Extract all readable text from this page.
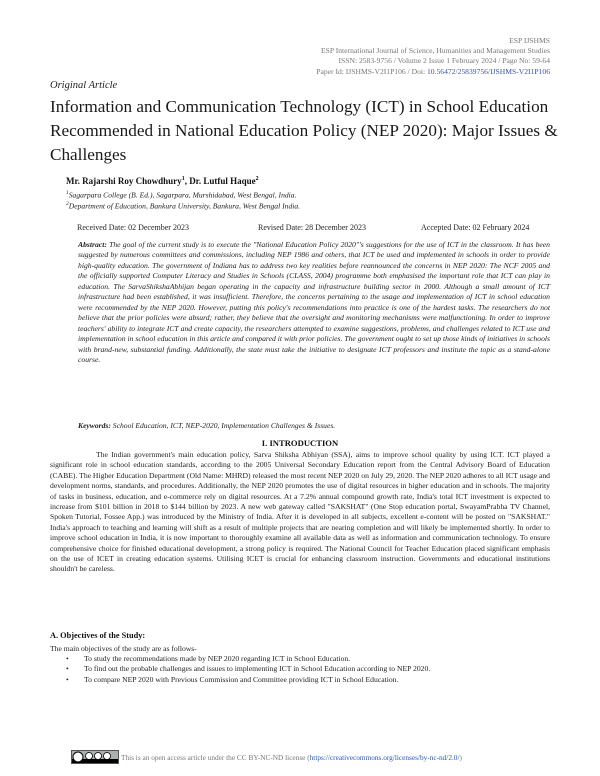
ESP IJSHMS
ESP International Journal of Science, Humanities and Management Studies
ISSN: 2583-9756 / Volume 2 Issue 1 February 2024 / Page No: 59-64
Paper Id: IJSHMS-V2I1P106 / Doi: 10.56472/25839756/IJSHMS-V2I1P106
Original Article
Information and Communication Technology (ICT) in School Education Recommended in National Education Policy (NEP 2020): Major Issues & Challenges
Mr. Rajarshi Roy Chowdhury$^1$, Dr. Lutful Haque$^2$
$^1$Sagarpara College (B. Ed.), Sagarpara, Murshidabad, West Bengal, India.
$^2$Department of Education, Bankura University, Bankura, West Bengal India.
Received Date: 02 December 2023	Revised Date: 28 December 2023	Accepted Date: 02 February 2024
Abstract: The goal of the current study is to execute the "National Education Policy 2020"'s suggestions for the use of ICT in the classroom. It has been suggested by numerous committees and commissions, including NEP 1986 and others, that ICT be used and implemented in schools in order to provide high-quality education. The government of Indiana has to address two key realities before reannounced the concerns in NEP 2020: The NCF 2005 and the officially supported Computer Literacy and Studies in Schools (CLASS, 2004) programme both emphasised the important role that ICT can play in education. The SarvaShikshaAbhijan began operating in the capacity and infrastructure building sector in 2000. Although a small amount of ICT infrastructure had been established, it was insufficient. Therefore, the concerns pertaining to the usage and implementation of ICT in school education were recommended by the NEP 2020. However, putting this policy's recommendations into practice is one of the hardest tasks. The researchers do not believe that the prior policies were absurd; rather, they believe that the oversight and monitoring mechanisms were malfunctioning. In order to improve teachers' ability to integrate ICT and create capacity, the researchers attempted to examine suggestions, problems, and challenges related to ICT use and implementation in school education in this article and compared it with prior policies. The government ought to set up those kinds of initiatives in schools with brand-new, substantial funding. Additionally, the state must take the initiative to designate ICT professors and institute the topic as a stand-alone course.
Keywords: School Education, ICT, NEP-2020, Implementation Challenges & Issues.
I. INTRODUCTION
The Indian government's main education policy, Sarva Shiksha Abhiyan (SSA), aims to improve school quality by using ICT. ICT played a significant role in school education standards, according to the 2005 Universal Secondary Education report from the Central Advisory Board of Education (CABE). The Higher Education Department (Old Name: MHRD) released the most recent NEP 2020 on July 29, 2020. The NEP 2020 adheres to all ICT usage and development norms, standards, and procedures. Additionally, the NEP 2020 promotes the use of digital resources in higher education and in schools. The majority of tasks in business, education, and e-commerce rely on digital resources. At a 7.2% annual compound growth rate, India's total ICT investment is expected to increase from $101 billion in 2018 to $144 billion by 2023. A new web gateway called "SAKSHAT" (One Stop education portal, SwayamPrabha TV Channel, Spoken Tutorial, Fossee App.) was introduced by the Ministry of India. After it is developed in all subjects, excellent e-content will be posted on "SAKSHAT." India's approach to teaching and learning will shift as a result of multiple projects that are nearing completion and will likely be implemented shortly. In order to improve school education in India, it is now important to thoroughly examine all available data as well as information and communication technology. To ensure comprehensive choice for finished educational development, a strong policy is required. The National Council for Teacher Education placed significant emphasis on the use of ICET in creating education systems. Utilising ICET is crucial for enhancing classroom instruction. Governments and educational institutions shouldn't be careless.
A. Objectives of the Study:
The main objectives of the study are as follows-
• To study the recommendations made by NEP 2020 regarding ICT in School Education.
• To find out the probable challenges and issues to implementing ICT in School Education according to NEP 2020.
• To compare NEP 2020 with Previous Commission and Committee providing ICT in School Education.
This is an open access article under the CC BY-NC-ND license ( https://creativecommons.org/licenses/by-nc-nd/2.0/ )
